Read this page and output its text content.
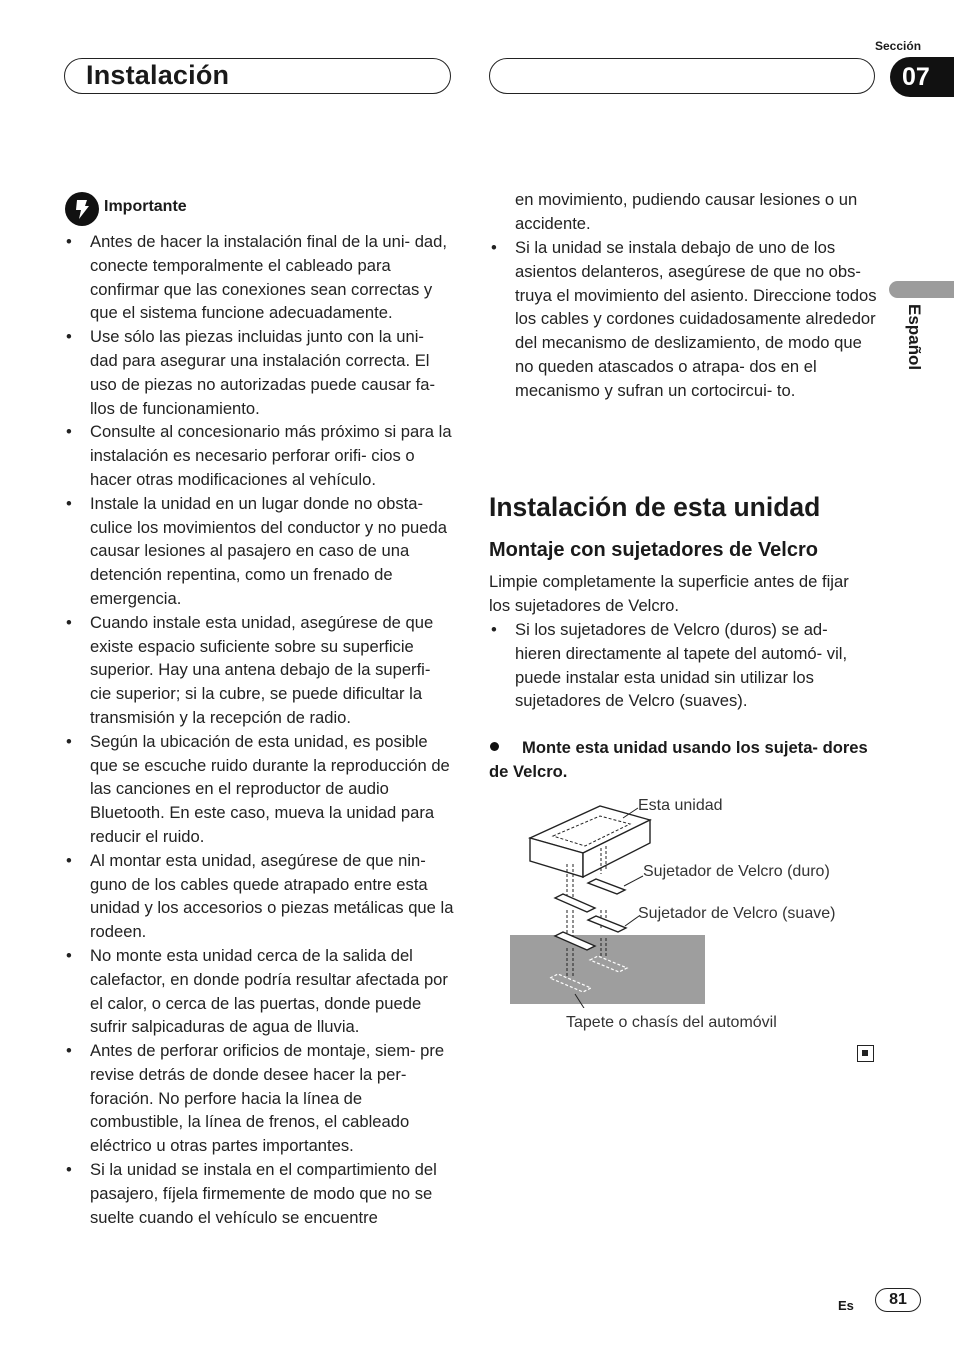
Instalación
Sección
07
Español
Importante
• Antes de hacer la instalación final de la uni- dad, conecte temporalmente el cableado para confirmar que las conexiones sean correctas y que el sistema funcione adecuadamente.
• Use sólo las piezas incluidas junto con la uni- dad para asegurar una instalación correcta. El uso de piezas no autorizadas puede causar fa- llos de funcionamiento.
• Consulte al concesionario más próximo si para la instalación es necesario perforar orifi- cios o hacer otras modificaciones al vehículo.
• Instale la unidad en un lugar donde no obsta- culice los movimientos del conductor y no pueda causar lesiones al pasajero en caso de una detención repentina, como un frenado de emergencia.
• Cuando instale esta unidad, asegúrese de que existe espacio suficiente sobre su superficie superior. Hay una antena debajo de la superfi- cie superior; si la cubre, se puede dificultar la transmisión y la recepción de radio.
• Según la ubicación de esta unidad, es posible que se escuche ruido durante la reproducción de las canciones en el reproductor de audio Bluetooth. En este caso, mueva la unidad para reducir el ruido.
• Al montar esta unidad, asegúrese de que nin- guno de los cables quede atrapado entre esta unidad y los accesorios o piezas metálicas que la rodeen.
• No monte esta unidad cerca de la salida del calefactor, en donde podría resultar afectada por el calor, o cerca de las puertas, donde puede sufrir salpicaduras de agua de lluvia.
• Antes de perforar orificios de montaje, siem- pre revise detrás de donde desee hacer la per- foración. No perfore hacia la línea de combustible, la línea de frenos, el cableado eléctrico u otras partes importantes.
• Si la unidad se instala en el compartimiento del pasajero, fíjela firmemente de modo que no se suelte cuando el vehículo se encuentre
en movimiento, pudiendo causar lesiones o un accidente.
• Si la unidad se instala debajo de uno de los asientos delanteros, asegúrese de que no obs- truya el movimiento del asiento. Direccione todos los cables y cordones cuidadosamente alrededor del mecanismo de deslizamiento, de modo que no queden atascados o atrapa- dos en el mecanismo y sufran un cortocircui- to.
Instalación de esta unidad
Montaje con sujetadores de Velcro
Limpie completamente la superficie antes de fijar los sujetadores de Velcro.
• Si los sujetadores de Velcro (duros) se ad- hieren directamente al tapete del automó- vil, puede instalar esta unidad sin utilizar los sujetadores de Velcro (suaves).
Monte esta unidad usando los sujeta- dores de Velcro.
Esta unidad
Sujetador de Velcro (duro)
Sujetador de Velcro (suave)
Tapete o chasís del automóvil
Es	81
